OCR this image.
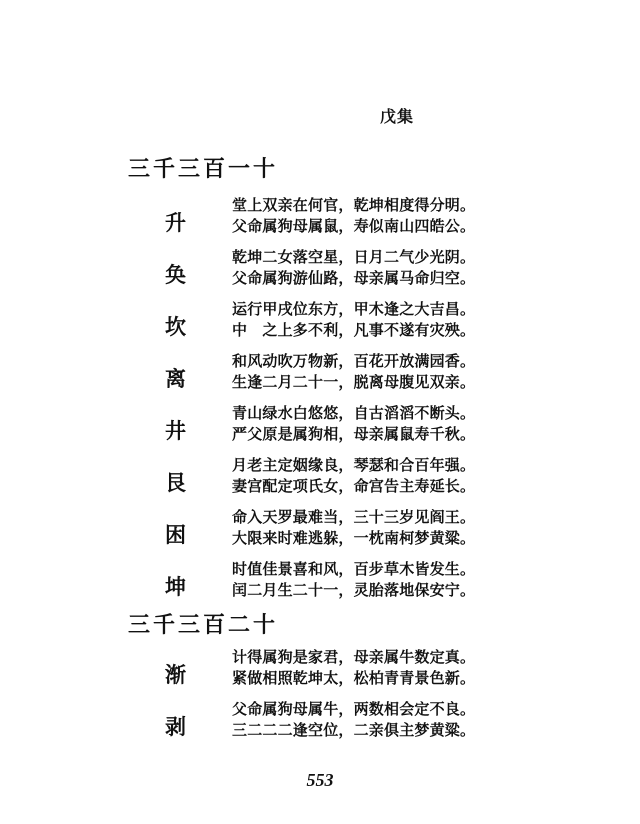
戊集
三千三百一十
升
堂上双亲在何官，乾坤相度得分明。
父命属狗母属鼠，寿似南山四皓公。
奂
乾坤二女落空星，日月二气少光阴。
父命属狗游仙路，母亲属马命归空。
坎
运行甲戌位东方，甲木逢之大吉昌。
中　之上多不利，凡事不遂有灾殃。
离
和风动吹万物新，百花开放满园香。
生逢二月二十一，脱离母腹见双亲。
井
青山绿水白悠悠，自古滔滔不断头。
严父原是属狗相，母亲属鼠寿千秋。
艮
月老主定姻缘良，琴瑟和合百年强。
妻宫配定项氏女，命宫告主寿延长。
困
命入天罗最难当，三十三岁见阎王。
大限来时难逃躲，一枕南柯梦黄粱。
坤
时值佳景喜和风，百步草木皆发生。
闰二月生二十一，灵胎落地保安宁。
三千三百二十
渐
计得属狗是家君，母亲属牛数定真。
紧做相照乾坤太，松柏青青景色新。
剥
父命属狗母属牛，两数相会定不良。
三二二二逢空位，二亲俱主梦黄粱。
553
